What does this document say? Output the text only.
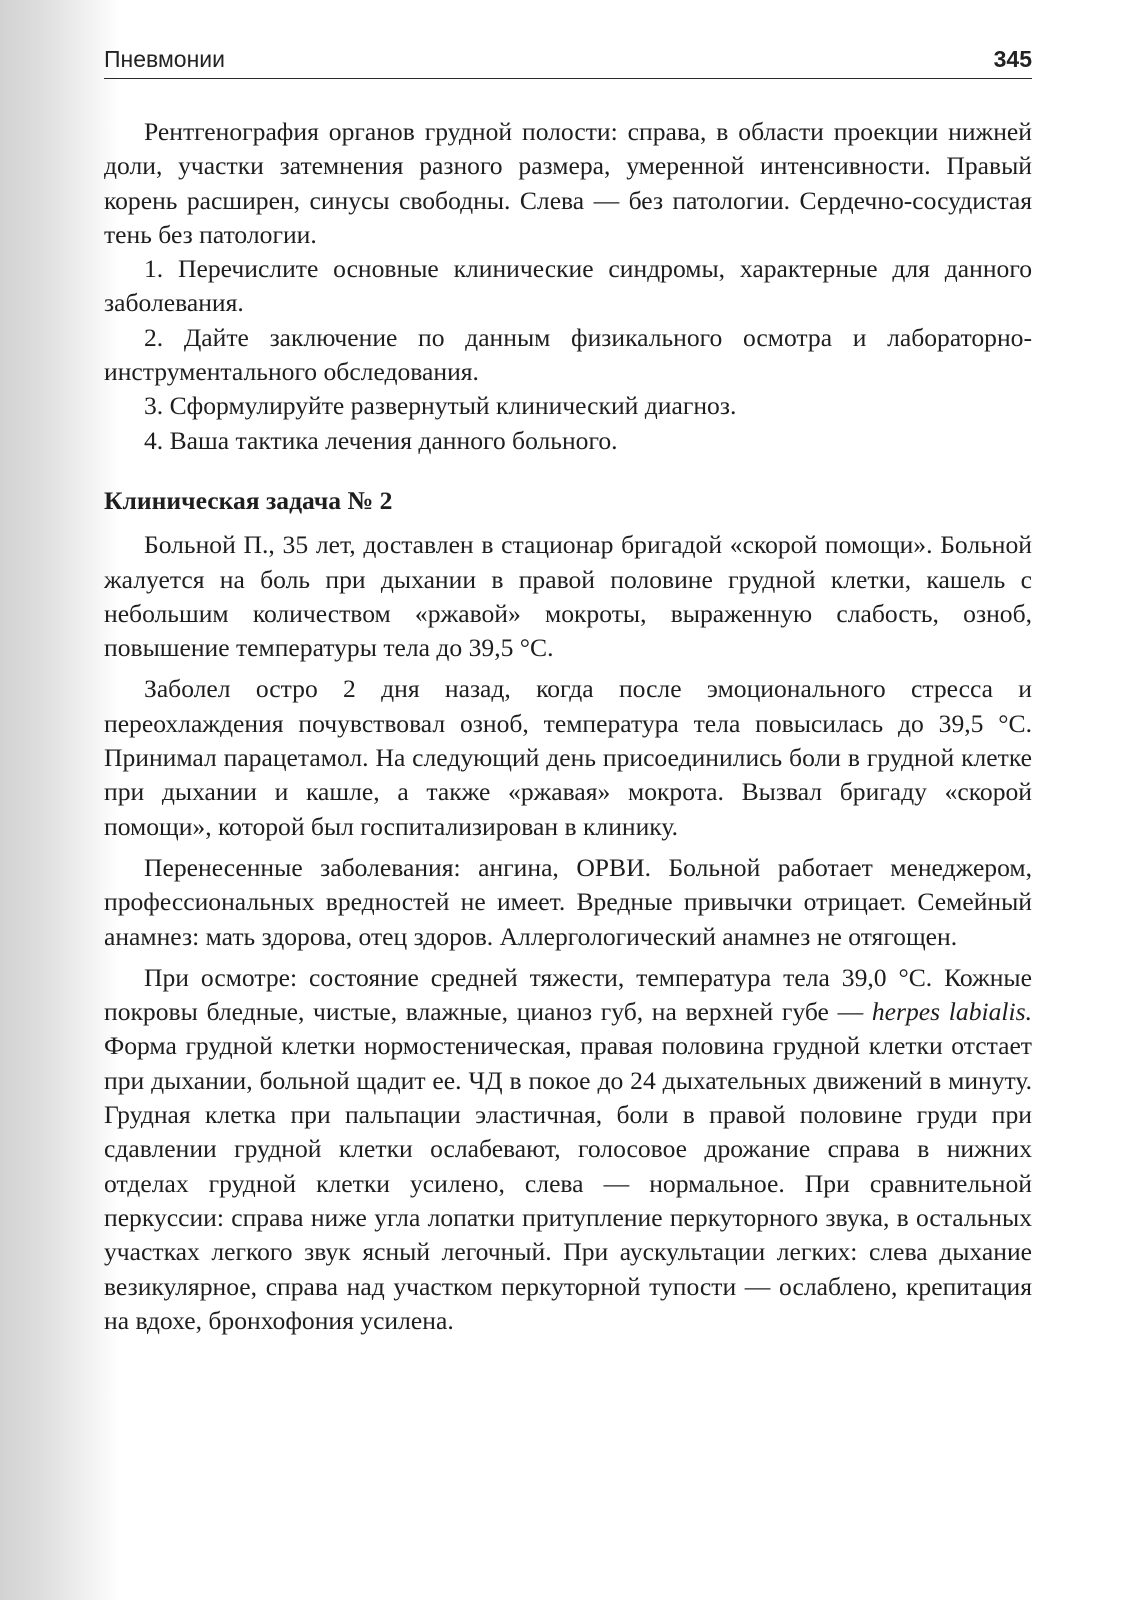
Пневмонии	345

Рентгенография органов грудной полости: справа, в области проекции нижней доли, участки затемнения разного размера, умеренной интенсивности. Правый корень расширен, синусы свободны. Слева — без патологии. Сердечно-сосудистая тень без патологии.

1. Перечислите основные клинические синдромы, характерные для данного заболевания.

2. Дайте заключение по данным физикального осмотра и лабораторно-инструментального обследования.

3. Сформулируйте развернутый клинический диагноз.

4. Ваша тактика лечения данного больного.

Клиническая задача № 2

Больной П., 35 лет, доставлен в стационар бригадой «скорой помощи». Больной жалуется на боль при дыхании в правой половине грудной клетки, кашель с небольшим количеством «ржавой» мокроты, выраженную слабость, озноб, повышение температуры тела до 39,5 °С.

Заболел остро 2 дня назад, когда после эмоционального стресса и переохлаждения почувствовал озноб, температура тела повысилась до 39,5 °С. Принимал парацетамол. На следующий день присоединились боли в грудной клетке при дыхании и кашле, а также «ржавая» мокрота. Вызвал бригаду «скорой помощи», которой был госпитализирован в клинику.

Перенесенные заболевания: ангина, ОРВИ. Больной работает менеджером, профессиональных вредностей не имеет. Вредные привычки отрицает. Семейный анамнез: мать здорова, отец здоров. Аллергологический анамнез не отягощен.

При осмотре: состояние средней тяжести, температура тела 39,0 °С. Кожные покровы бледные, чистые, влажные, цианоз губ, на верхней губе — herpes labialis. Форма грудной клетки нормостеническая, правая половина грудной клетки отстает при дыхании, больной щадит ее. ЧД в покое до 24 дыхательных движений в минуту. Грудная клетка при пальпации эластичная, боли в правой половине груди при сдавлении грудной клетки ослабевают, голосовое дрожание справа в нижних отделах грудной клетки усилено, слева — нормальное. При сравнительной перкуссии: справа ниже угла лопатки притупление перкуторного звука, в остальных участках легкого звук ясный легочный. При аускультации легких: слева дыхание везикулярное, справа над участком перкуторной тупости — ослаблено, крепитация на вдохе, бронхофония усилена.
